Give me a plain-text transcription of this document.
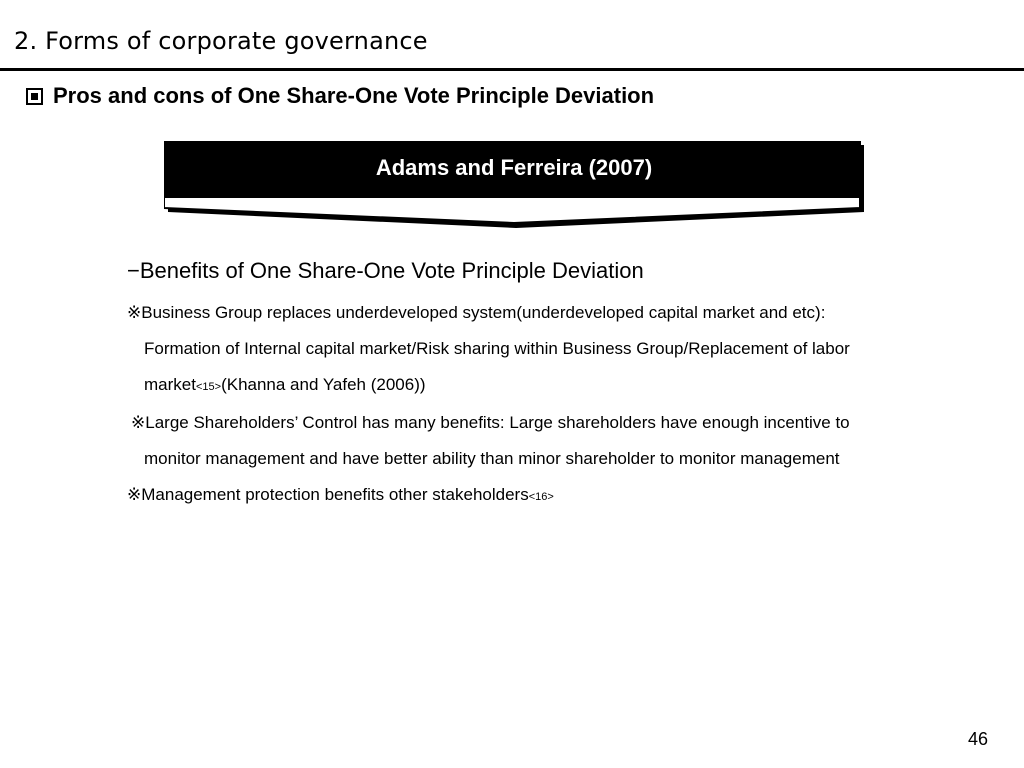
2. Forms of corporate governance
Pros and cons of One Share-One Vote Principle Deviation
Adams and Ferreira (2007)

−Benefits of One Share-One Vote Principle Deviation

※Business Group replaces underdeveloped system(underdeveloped capital market and etc):

Formation of Internal capital market/Risk sharing within Business Group/Replacement of labor

market<15>(Khanna and Yafeh (2006))

※Large Shareholders’ Control has many benefits: Large shareholders have enough incentive to

monitor management and have better ability than minor shareholder to monitor management

※Management protection benefits other stakeholders<16>

46
